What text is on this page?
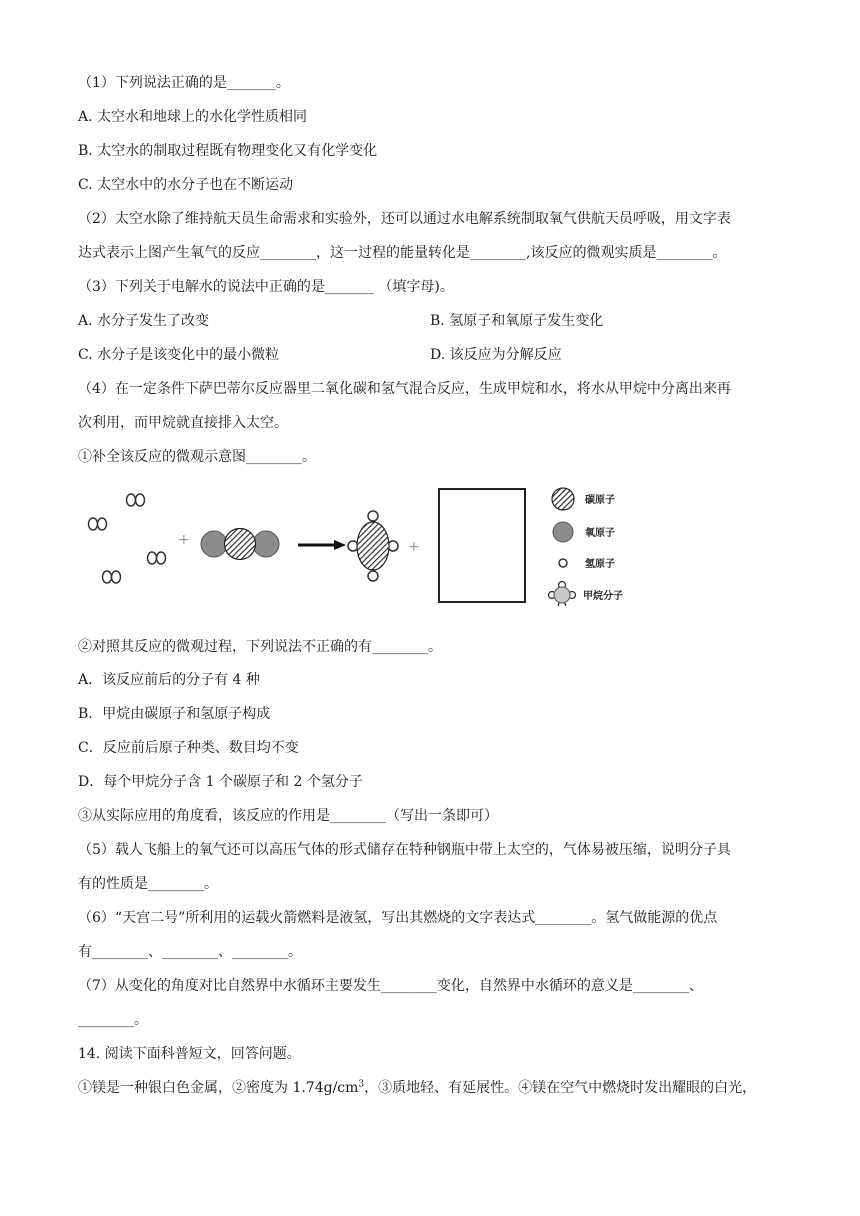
（1）下列说法正确的是_______。
A. 太空水和地球上的水化学性质相同
B. 太空水的制取过程既有物理变化又有化学变化
C. 太空水中的水分子也在不断运动
（2）太空水除了维持航天员生命需求和实验外，还可以通过水电解系统制取氧气供航天员呼吸，用文字表
达式表示上图产生氧气的反应________，这一过程的能量转化是________,该反应的微观实质是________。
（3）下列关于电解水的说法中正确的是_______ （填字母)。
A. 水分子发生了改变	B. 氢原子和氧原子发生变化
C. 水分子是该变化中的最小微粒	D. 该反应为分解反应
（4）在一定条件下萨巴蒂尔反应器里二氧化碳和氢气混合反应，生成甲烷和水，将水从甲烷中分离出来再
次利用，而甲烷就直接排入太空。
①补全该反应的微观示意图________。
+	+
碳原子
氧原子
氢原子
甲烷分子
②对照其反应的微观过程，下列说法不正确的有________。
A．该反应前后的分子有 4 种
B．甲烷由碳原子和氢原子构成
C．反应前后原子种类、数目均不变
D．每个甲烷分子含 1 个碳原子和 2 个氢分子
③从实际应用的角度看，该反应的作用是________（写出一条即可）
（5）载人飞船上的氧气还可以高压气体的形式储存在特种钢瓶中带上太空的，气体易被压缩，说明分子具
有的性质是________。
（6）“天宫二号”所利用的运载火箭燃料是液氢，写出其燃烧的文字表达式________。氢气做能源的优点
有________、________、________。
（7）从变化的角度对比自然界中水循环主要发生________变化，自然界中水循环的意义是________、
________。
14. 阅读下面科普短文，回答问题。
①镁是一种银白色金属，②密度为 $1.74g/cm^3$，③质地轻、有延展性。④镁在空气中燃烧时发出耀眼的白光，
